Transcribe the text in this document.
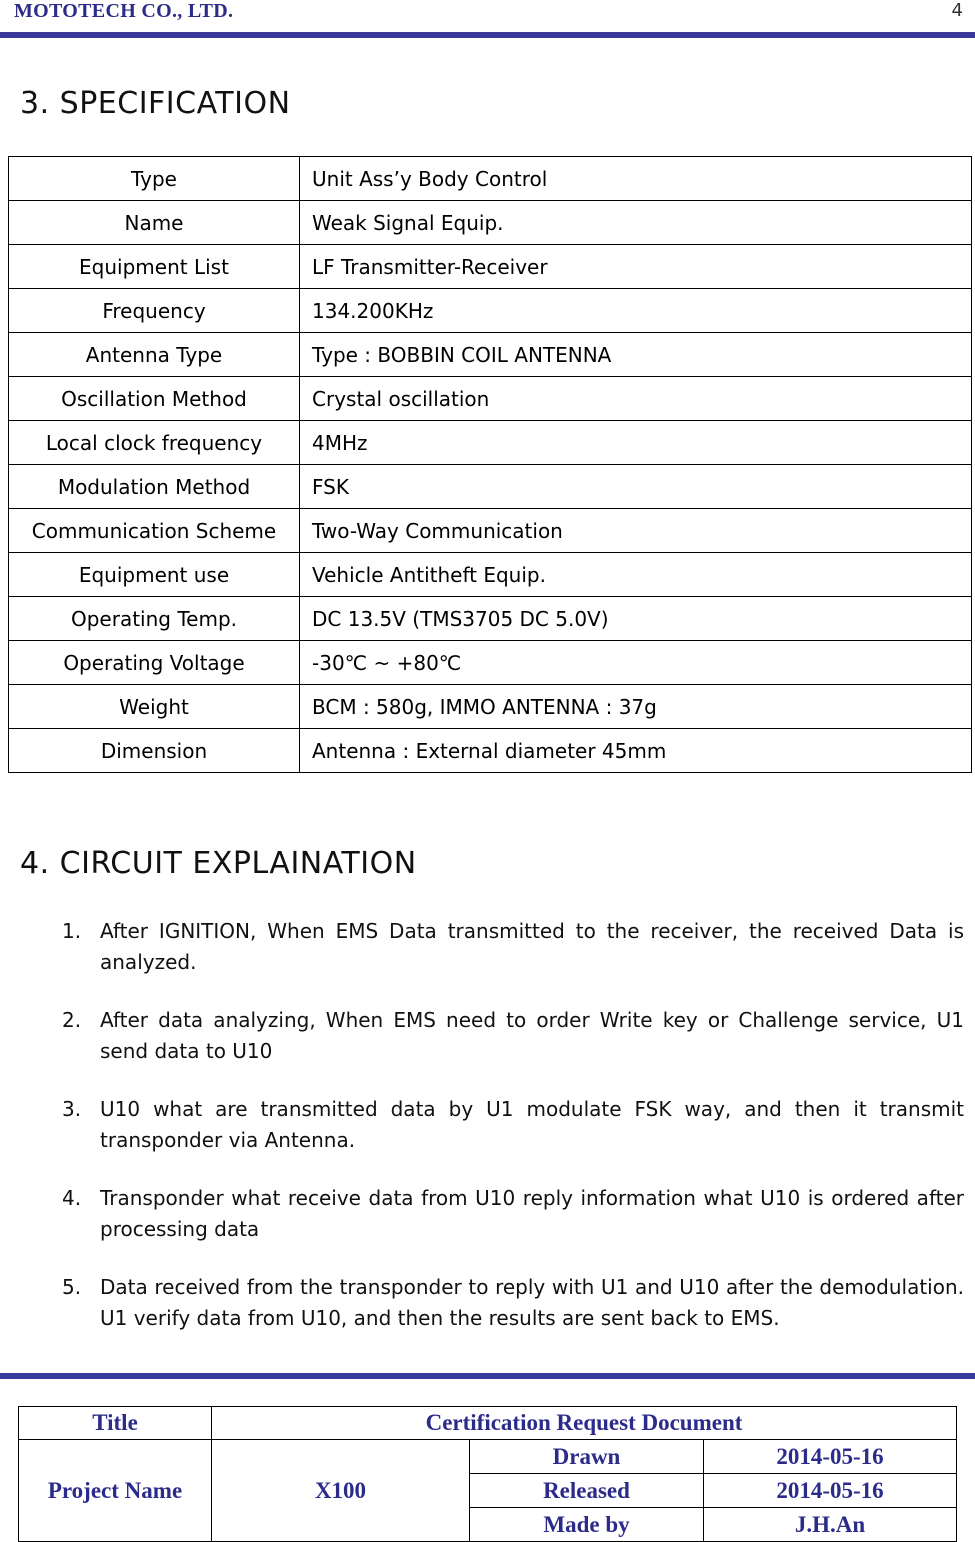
MOTOTECH CO., LTD.	4
3. SPECIFICATION
Type	Unit Ass’y Body Control
Name	Weak Signal Equip.
Equipment List	LF Transmitter-Receiver
Frequency	134.200KHz
Antenna Type	Type : BOBBIN COIL ANTENNA
Oscillation Method	Crystal oscillation
Local clock frequency	4MHz
Modulation Method	FSK
Communication Scheme	Two-Way Communication
Equipment use	Vehicle Antitheft Equip.
Operating Temp.	DC 13.5V (TMS3705 DC 5.0V)
Operating Voltage	-30℃ ~ +80℃
Weight	BCM : 580g, IMMO ANTENNA : 37g
Dimension	Antenna : External diameter 45mm
4. CIRCUIT EXPLAINATION
1. After IGNITION, When EMS Data transmitted to the receiver, the received Data is analyzed.
2. After data analyzing, When EMS need to order Write key or Challenge service, U1 send data to U10
3. U10 what are transmitted data by U1 modulate FSK way, and then it transmit transponder via Antenna.
4. Transponder what receive data from U10 reply information what U10 is ordered after processing data
5. Data received from the transponder to reply with U1 and U10 after the demodulation. U1 verify data from U10, and then the results are sent back to EMS.
Title	Certification Request Document		
Project Name	X100	Drawn	2014-05-16
		Released	2014-05-16
		Made by	J.H.An
